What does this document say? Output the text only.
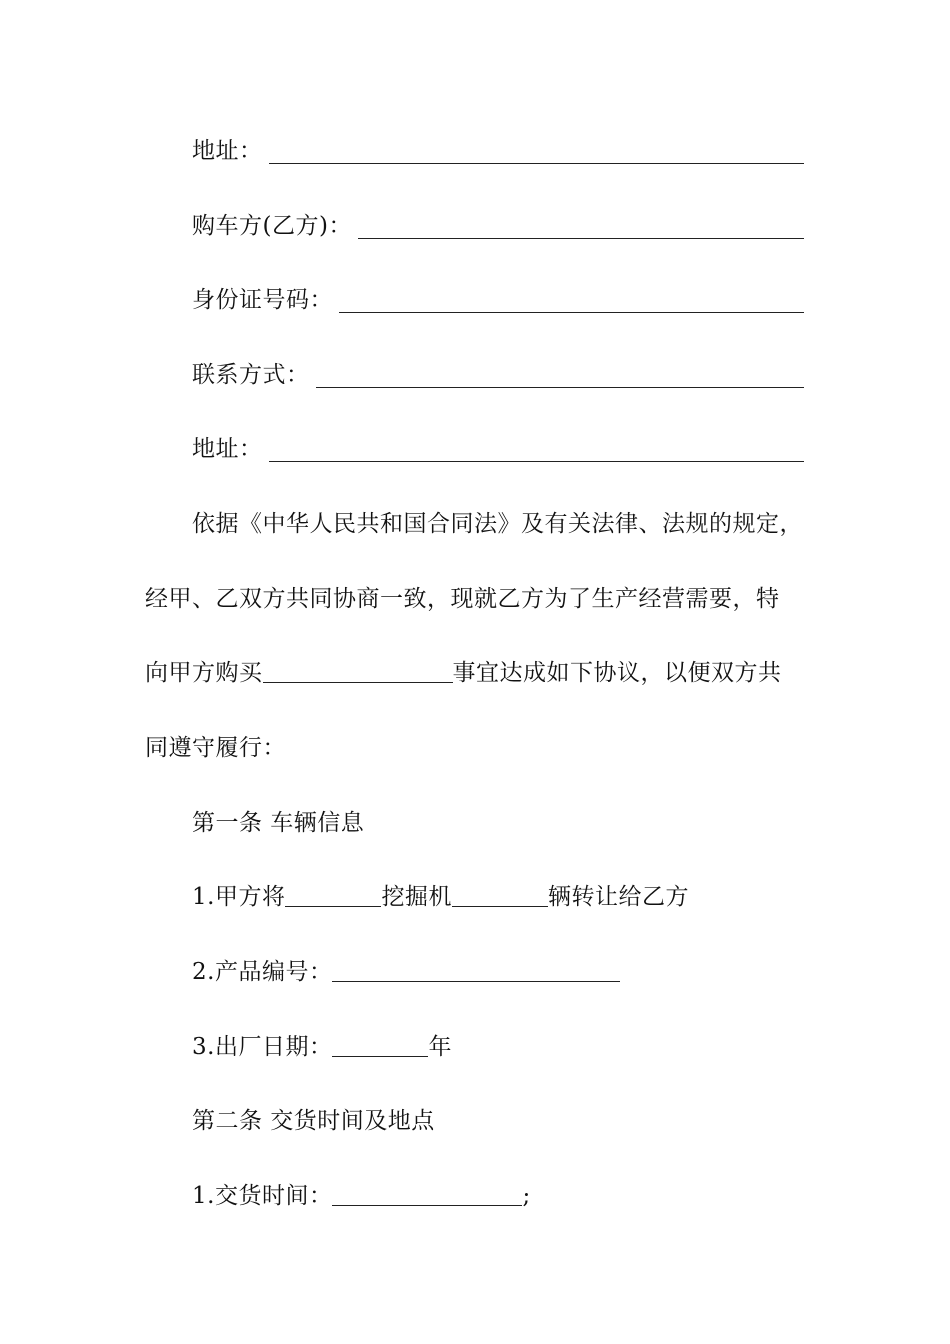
地址：
购车方(乙方)：
身份证号码：
联系方式：
地址：
依据《中华人民共和国合同法》及有关法律、法规的规定，
经甲、乙双方共同协商一致，现就乙方为了生产经营需要，特
向甲方购买	事宜达成如下协议，以便双方共
同遵守履行：
第一条 车辆信息
1.甲方将	挖掘机	辆转让给乙方
2.产品编号：
3.出厂日期：	年
第二条 交货时间及地点
1.交货时间：	;
